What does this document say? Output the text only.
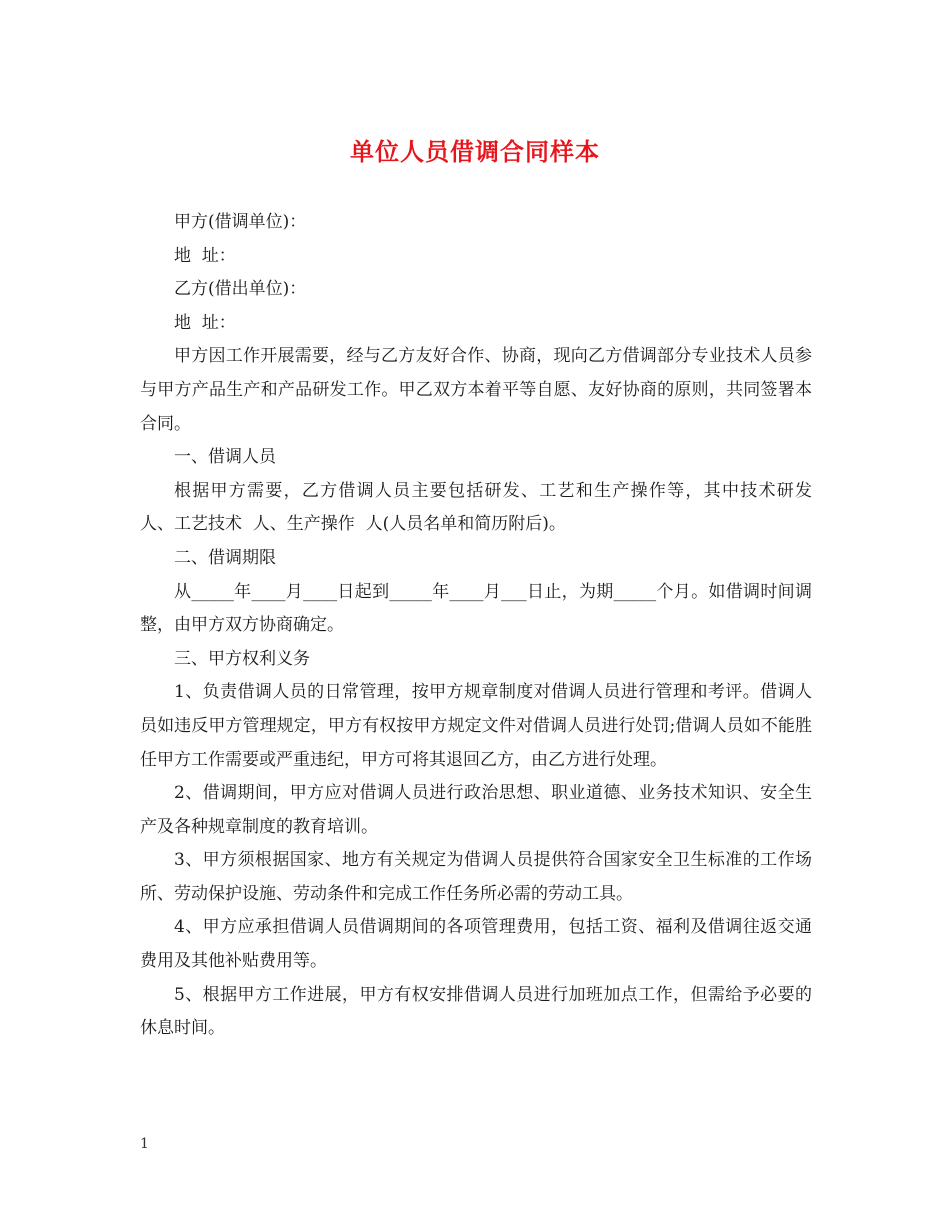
单位人员借调合同样本

甲方(借调单位)：

地  址：

乙方(借出单位)：

地  址：

甲方因工作开展需要，经与乙方友好合作、协商，现向乙方借调部分专业技术人员参与甲方产品生产和产品研发工作。甲乙双方本着平等自愿、友好协商的原则，共同签署本合同。

一、借调人员

根据甲方需要，乙方借调人员主要包括研发、工艺和生产操作等，其中技术研发  人、工艺技术  人、生产操作  人(人员名单和简历附后)。

二、借调期限

从_____年____月____日起到_____年____月___日止，为期_____个月。如借调时间调整，由甲方双方协商确定。

三、甲方权利义务

1、负责借调人员的日常管理，按甲方规章制度对借调人员进行管理和考评。借调人员如违反甲方管理规定，甲方有权按甲方规定文件对借调人员进行处罚;借调人员如不能胜任甲方工作需要或严重违纪，甲方可将其退回乙方，由乙方进行处理。

2、借调期间，甲方应对借调人员进行政治思想、职业道德、业务技术知识、安全生产及各种规章制度的教育培训。

3、甲方须根据国家、地方有关规定为借调人员提供符合国家安全卫生标准的工作场所、劳动保护设施、劳动条件和完成工作任务所必需的劳动工具。

4、甲方应承担借调人员借调期间的各项管理费用，包括工资、福利及借调往返交通费用及其他补贴费用等。

5、根据甲方工作进展，甲方有权安排借调人员进行加班加点工作，但需给予必要的休息时间。

1
